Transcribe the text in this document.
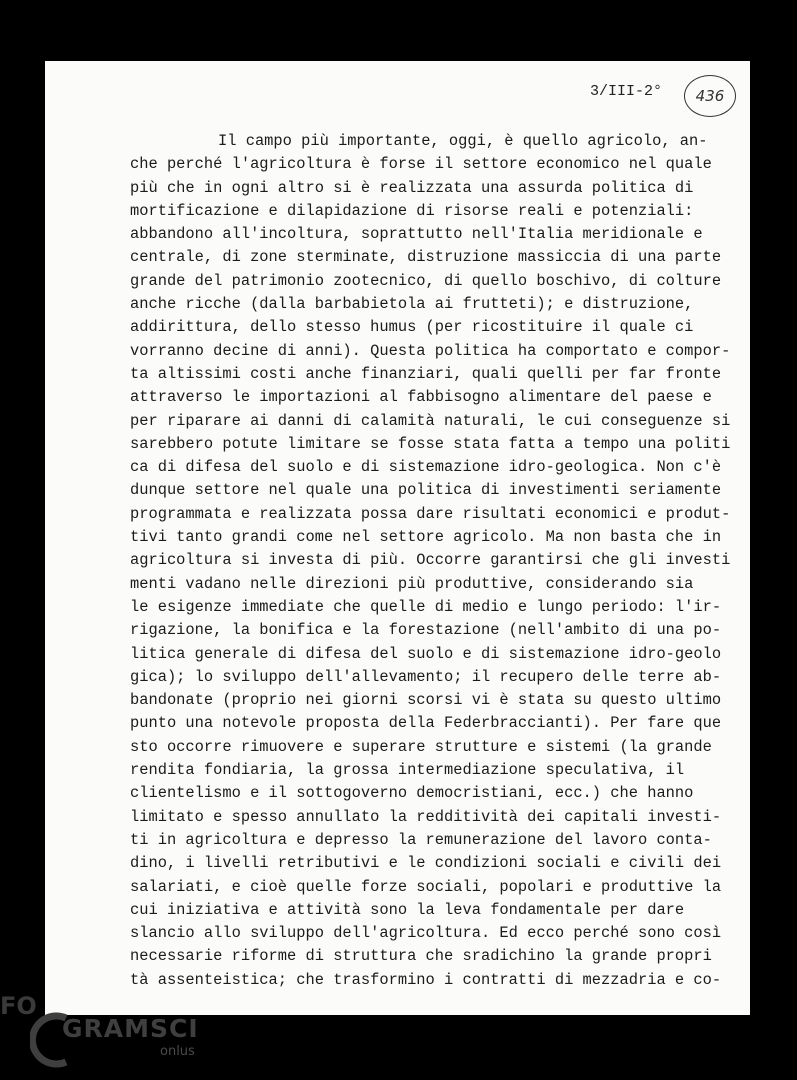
3/III-2°	436
Il campo più importante, oggi, è quello agricolo, an-
che perché l'agricoltura è forse il settore economico nel quale
più che in ogni altro si è realizzata una assurda politica di
mortificazione e dilapidazione di risorse reali e potenziali:
abbandono all'incoltura, soprattutto nell'Italia meridionale e
centrale, di zone sterminate, distruzione massiccia di una parte
grande del patrimonio zootecnico, di quello boschivo, di colture
anche ricche (dalla barbabietola ai frutteti); e distruzione,
addirittura, dello stesso humus (per ricostituire il quale ci
vorranno decine di anni). Questa politica ha comportato e compor-
ta altissimi costi anche finanziari, quali quelli per far fronte
attraverso le importazioni al fabbisogno alimentare del paese e
per riparare ai danni di calamità naturali, le cui conseguenze si
sarebbero potute limitare se fosse stata fatta a tempo una politi
ca di difesa del suolo e di sistemazione idro-geologica. Non c'è
dunque settore nel quale una politica di investimenti seriamente
programmata e realizzata possa dare risultati economici e produt-
tivi tanto grandi come nel settore agricolo. Ma non basta che in
agricoltura si investa di più. Occorre garantirsi che gli investi
menti vadano nelle direzioni più produttive, considerando sia
le esigenze immediate che quelle di medio e lungo periodo: l'ir-
rigazione, la bonifica e la forestazione (nell'ambito di una po-
litica generale di difesa del suolo e di sistemazione idro-geolo
gica); lo sviluppo dell'allevamento; il recupero delle terre ab-
bandonate (proprio nei giorni scorsi vi è stata su questo ultimo
punto una notevole proposta della Federbraccianti). Per fare que
sto occorre rimuovere e superare strutture e sistemi (la grande
rendita fondiaria, la grossa intermediazione speculativa, il
clientelismo e il sottogoverno democristiani, ecc.) che hanno
limitato e spesso annullato la redditività dei capitali investi-
ti in agricoltura e depresso la remunerazione del lavoro conta-
dino, i livelli retributivi e le condizioni sociali e civili dei
salariati, e cioè quelle forze sociali, popolari e produttive la
cui iniziativa e attività sono la leva fondamentale per dare
slancio allo sviluppo dell'agricoltura. Ed ecco perché sono così
necessarie riforme di struttura che sradichino la grande propri
tà assenteistica; che trasformino i contratti di mezzadria e co-
FO
GRAMSCI
onlus
